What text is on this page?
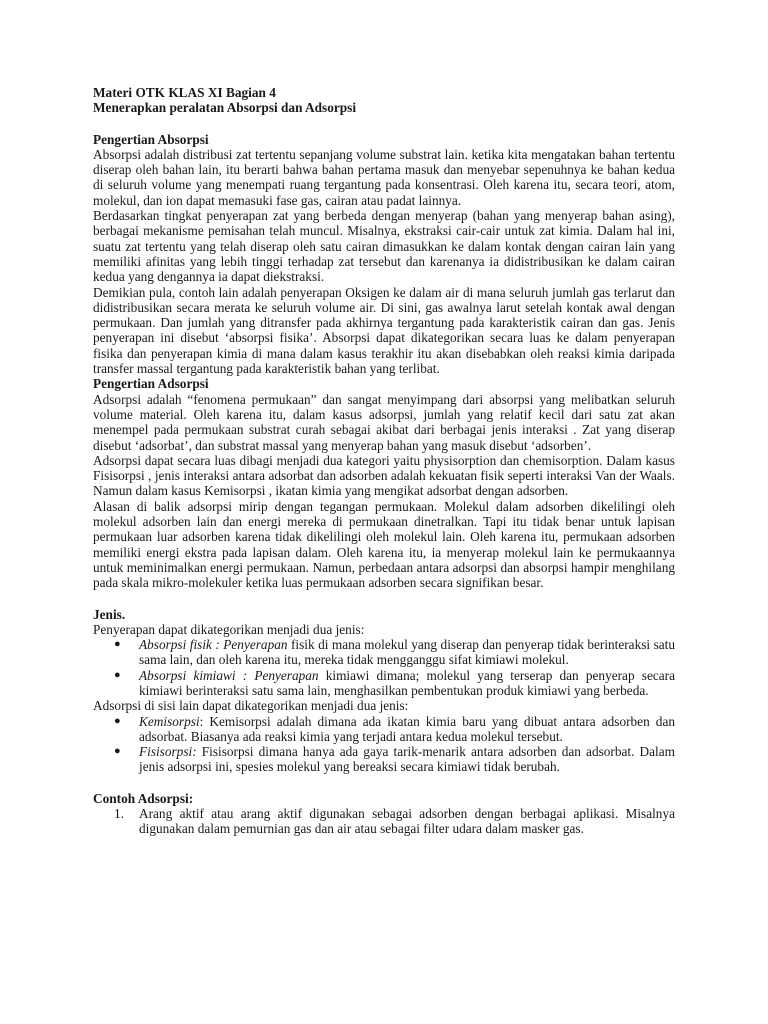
Materi OTK KLAS XI Bagian 4
Menerapkan peralatan Absorpsi dan Adsorpsi
Pengertian Absorpsi

Absorpsi adalah distribusi zat tertentu sepanjang volume substrat lain. ketika kita mengatakan bahan tertentu diserap oleh bahan lain, itu berarti bahwa bahan pertama masuk dan menyebar sepenuhnya ke bahan kedua di seluruh volume yang menempati ruang tergantung pada konsentrasi. Oleh karena itu, secara teori, atom, molekul, dan ion dapat memasuki fase gas, cairan atau padat lainnya.

Berdasarkan tingkat penyerapan zat yang berbeda dengan menyerap (bahan yang menyerap bahan asing), berbagai mekanisme pemisahan telah muncul. Misalnya, ekstraksi cair-cair untuk zat kimia. Dalam hal ini, suatu zat tertentu yang telah diserap oleh satu cairan dimasukkan ke dalam kontak dengan cairan lain yang memiliki afinitas yang lebih tinggi terhadap zat tersebut dan karenanya ia didistribusikan ke dalam cairan kedua yang dengannya ia dapat diekstraksi.

Demikian pula, contoh lain adalah penyerapan Oksigen ke dalam air di mana seluruh jumlah gas terlarut dan didistribusikan secara merata ke seluruh volume air. Di sini, gas awalnya larut setelah kontak awal dengan permukaan. Dan jumlah yang ditransfer pada akhirnya tergantung pada karakteristik cairan dan gas. Jenis penyerapan ini disebut ‘absorpsi fisika’. Absorpsi dapat dikategorikan secara luas ke dalam penyerapan fisika dan penyerapan kimia di mana dalam kasus terakhir itu akan disebabkan oleh reaksi kimia daripada transfer massal tergantung pada karakteristik bahan yang terlibat.

Pengertian Adsorpsi

Adsorpsi adalah “fenomena permukaan” dan sangat menyimpang dari absorpsi yang melibatkan seluruh volume material. Oleh karena itu, dalam kasus adsorpsi, jumlah yang relatif kecil dari satu zat akan menempel pada permukaan substrat curah sebagai akibat dari berbagai jenis interaksi . Zat yang diserap disebut ‘adsorbat’, dan substrat massal yang menyerap bahan yang masuk disebut ‘adsorben’.

Adsorpsi dapat secara luas dibagi menjadi dua kategori yaitu physisorption dan chemisorption. Dalam kasus Fisisorpsi , jenis interaksi antara adsorbat dan adsorben adalah kekuatan fisik seperti interaksi Van der Waals. Namun dalam kasus Kemisorpsi , ikatan kimia yang mengikat adsorbat dengan adsorben.

Alasan di balik adsorpsi mirip dengan tegangan permukaan. Molekul dalam adsorben dikelilingi oleh molekul adsorben lain dan energi mereka di permukaan dinetralkan. Tapi itu tidak benar untuk lapisan permukaan luar adsorben karena tidak dikelilingi oleh molekul lain. Oleh karena itu, permukaan adsorben memiliki energi ekstra pada lapisan dalam. Oleh karena itu, ia menyerap molekul lain ke permukaannya untuk meminimalkan energi permukaan. Namun, perbedaan antara adsorpsi dan absorpsi hampir menghilang pada skala mikro-molekuler ketika luas permukaan adsorben secara signifikan besar.

Jenis.

Penyerapan dapat dikategorikan menjadi dua jenis:

● Absorpsi fisik : Penyerapan fisik di mana molekul yang diserap dan penyerap tidak berinteraksi satu sama lain, dan oleh karena itu, mereka tidak mengganggu sifat kimiawi molekul.
● Absorpsi kimiawi : Penyerapan kimiawi dimana; molekul yang terserap dan penyerap secara kimiawi berinteraksi satu sama lain, menghasilkan pembentukan produk kimiawi yang berbeda.

Adsorpsi di sisi lain dapat dikategorikan menjadi dua jenis:

● Kemisorpsi: Kemisorpsi adalah dimana ada ikatan kimia baru yang dibuat antara adsorben dan adsorbat. Biasanya ada reaksi kimia yang terjadi antara kedua molekul tersebut.
● Fisisorpsi: Fisisorpsi dimana hanya ada gaya tarik-menarik antara adsorben dan adsorbat. Dalam jenis adsorpsi ini, spesies molekul yang bereaksi secara kimiawi tidak berubah.
Contoh Adsorpsi:
1. Arang aktif atau arang aktif digunakan sebagai adsorben dengan berbagai aplikasi. Misalnya digunakan dalam pemurnian gas dan air atau sebagai filter udara dalam masker gas.
